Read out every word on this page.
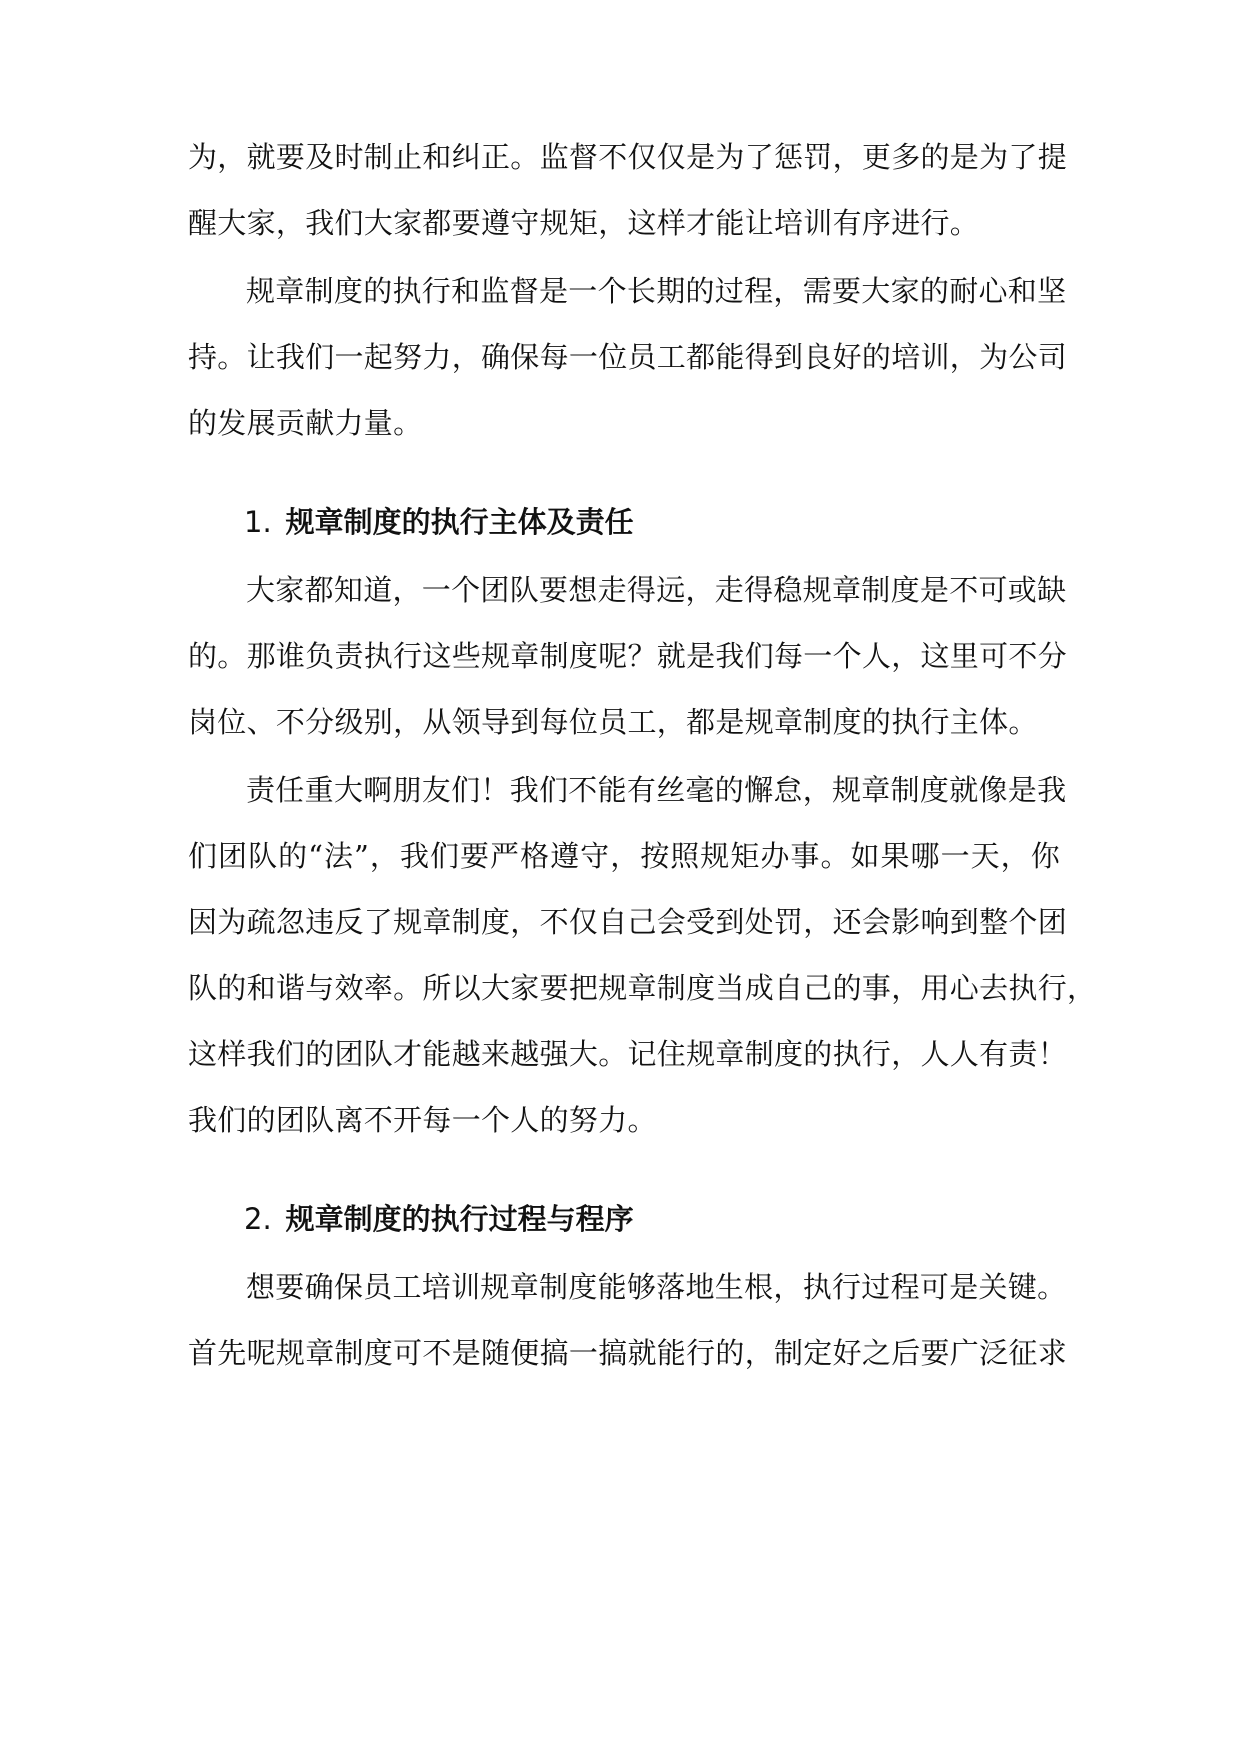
为，就要及时制止和纠正。监督不仅仅是为了惩罚，更多的是为了提
醒大家，我们大家都要遵守规矩，这样才能让培训有序进行。
规章制度的执行和监督是一个长期的过程，需要大家的耐心和坚
持。让我们一起努力，确保每一位员工都能得到良好的培训，为公司
的发展贡献力量。
1. 规章制度的执行主体及责任
大家都知道，一个团队要想走得远，走得稳规章制度是不可或缺
的。那谁负责执行这些规章制度呢？就是我们每一个人，这里可不分
岗位、不分级别，从领导到每位员工，都是规章制度的执行主体。
责任重大啊朋友们！我们不能有丝毫的懈怠，规章制度就像是我
们团队的“法”，我们要严格遵守，按照规矩办事。如果哪一天，你
因为疏忽违反了规章制度，不仅自己会受到处罚，还会影响到整个团
队的和谐与效率。所以大家要把规章制度当成自己的事，用心去执行，
这样我们的团队才能越来越强大。记住规章制度的执行，人人有责！
我们的团队离不开每一个人的努力。
2. 规章制度的执行过程与程序
想要确保员工培训规章制度能够落地生根，执行过程可是关键。
首先呢规章制度可不是随便搞一搞就能行的，制定好之后要广泛征求
